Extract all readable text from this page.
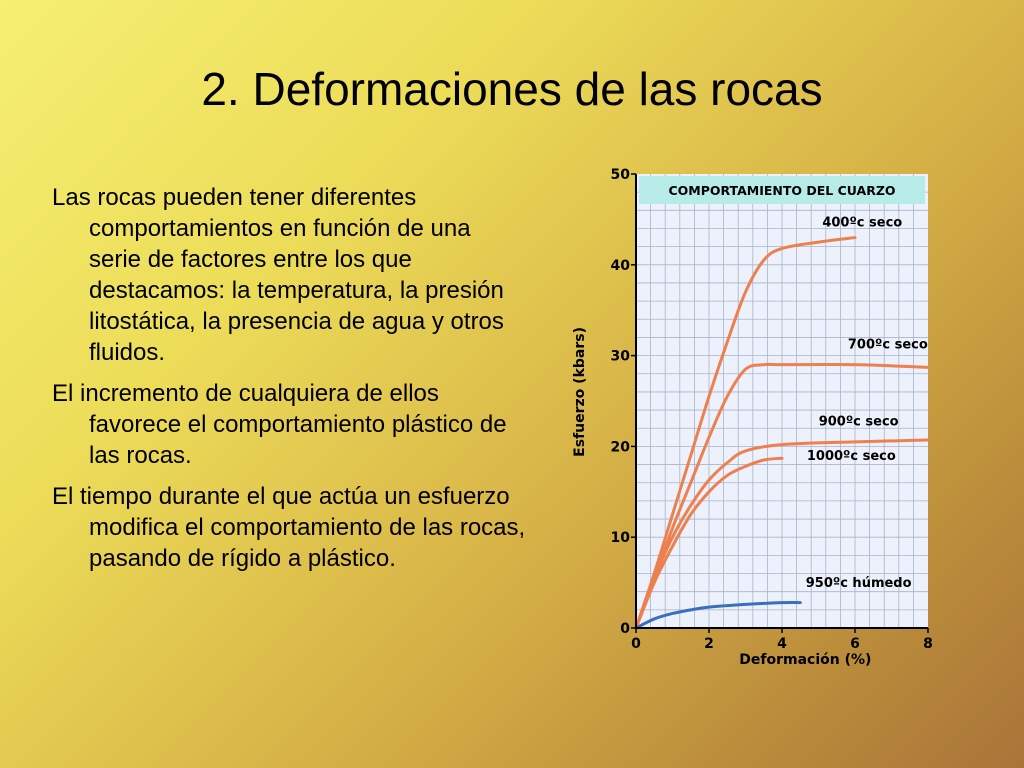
2. Deformaciones de las rocas

Las rocas pueden tener diferentes comportamientos en función de una serie de factores entre los que destacamos: la temperatura, la presión litostática, la presencia de agua y otros fluidos.

El incremento de cualquiera de ellos favorece el comportamiento plástico de las rocas.

El tiempo durante el que actúa un esfuerzo modifica el comportamiento de las rocas, pasando de rígido a plástico.

COMPORTAMIENTO DEL CUARZO
0
10
20
30
40
50
0	2	4	6	8
400ºc seco
700ºc seco
900ºc seco
1000ºc seco
950ºc húmedo
Deformación (%)
Esfuerzo (kbars)
